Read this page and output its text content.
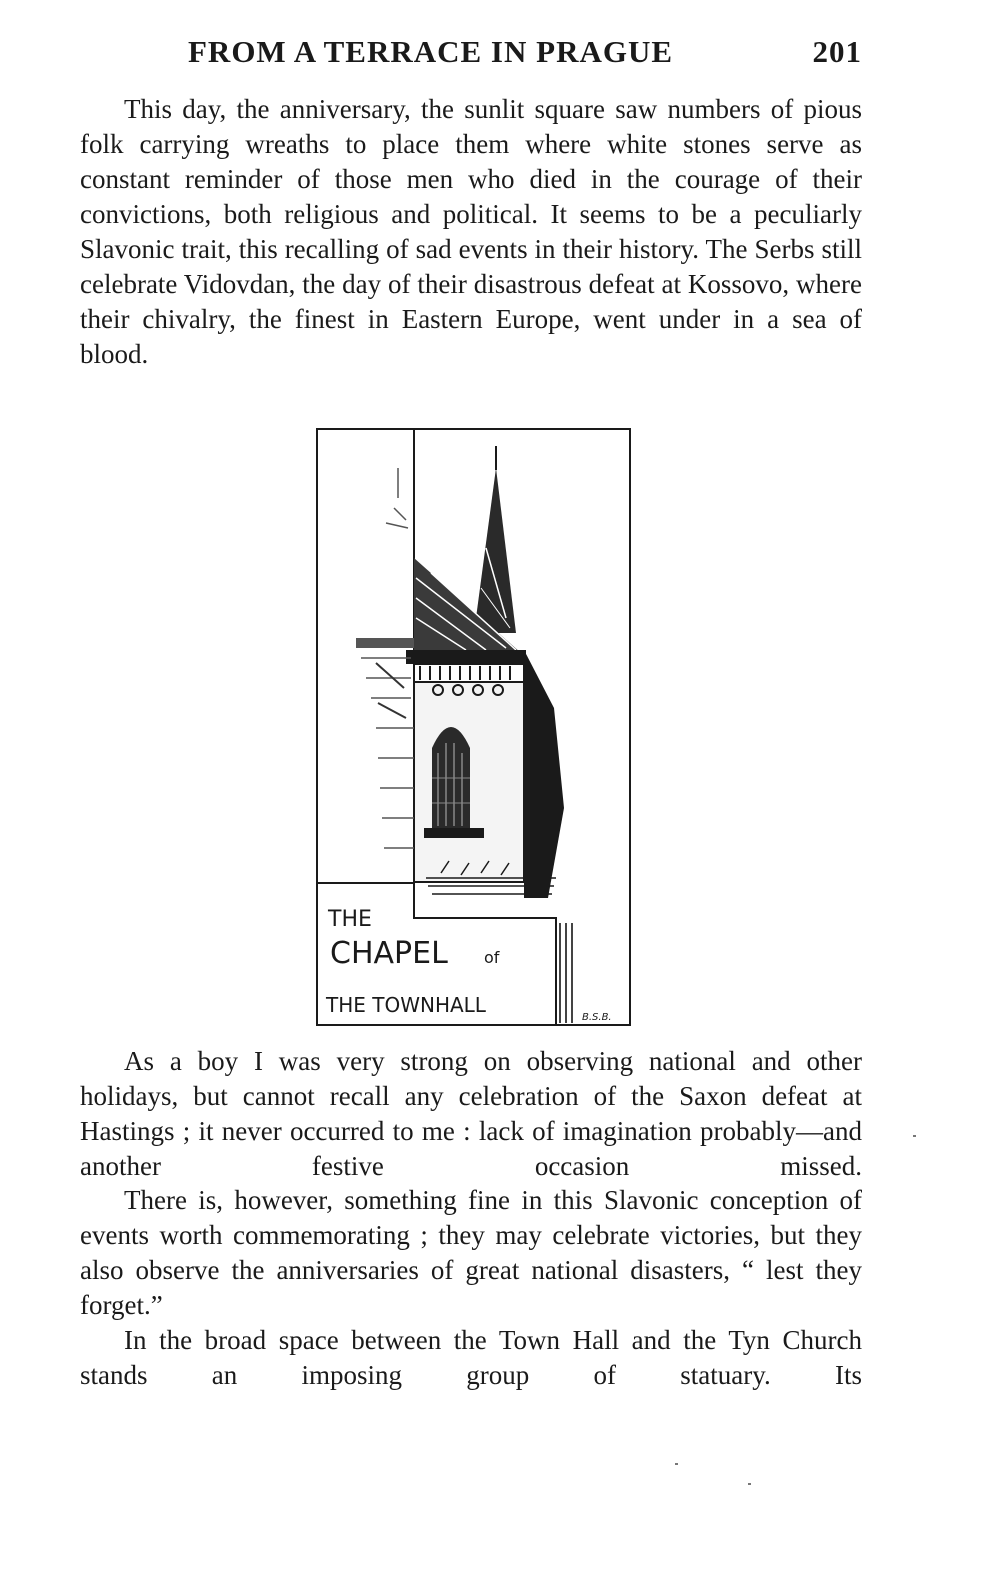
FROM A TERRACE IN PRAGUE	201

This day, the anniversary, the sunlit square saw numbers of pious folk carrying wreaths to place them where white stones serve as constant reminder of those men who died in the courage of their convictions, both religious and political. It seems to be a peculiarly Slavonic trait, this recalling of sad events in their history. The Serbs still celebrate Vidovdan, the day of their disastrous defeat at Kossovo, where their chivalry, the finest in Eastern Europe, went under in a sea of blood.

THE
CHAPEL of
THE TOWNHALL
B.S.B.

As a boy I was very strong on observing national and other holidays, but cannot recall any celebration of the Saxon defeat at Hastings ; it never occurred to me : lack of imagination probably—and another festive occasion missed.

There is, however, something fine in this Slavonic conception of events worth commemorating ; they may celebrate victories, but they also observe the anniversaries of great national disasters, “ lest they forget.”

In the broad space between the Town Hall and the Tyn Church stands an imposing group of statuary. Its
